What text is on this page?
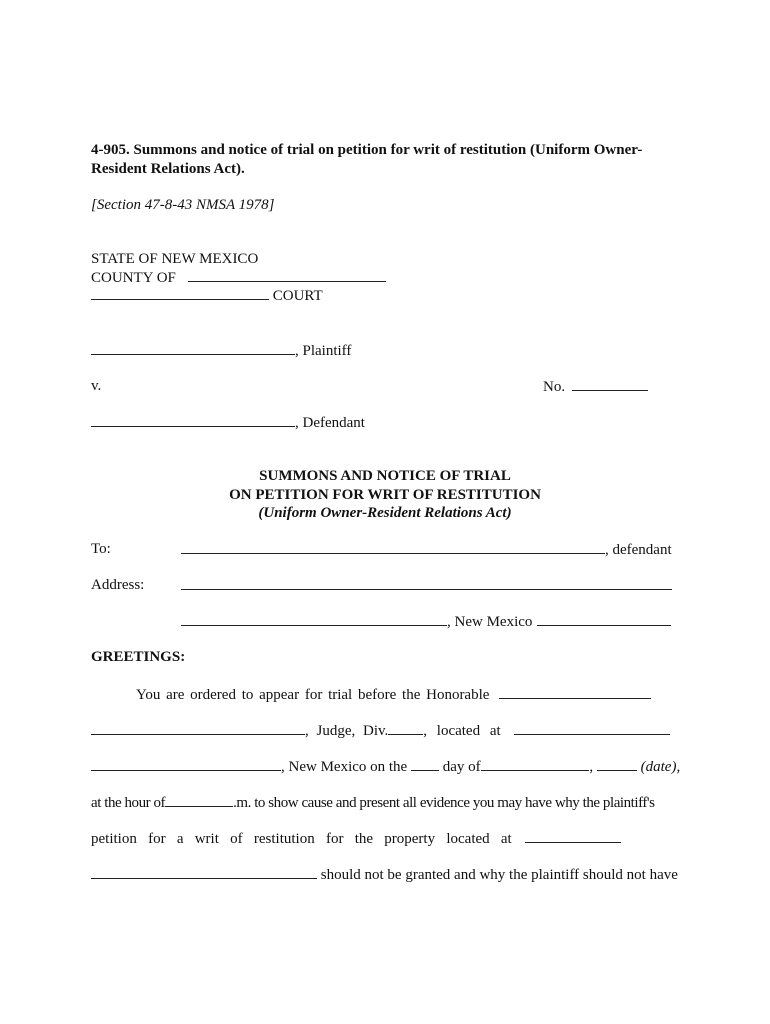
4-905. Summons and notice of trial on petition for writ of restitution (Uniform Owner-
Resident Relations Act).
[Section 47-8-43 NMSA 1978]
STATE OF NEW MEXICO
COUNTY OF
COURT
, Plaintiff
v.	No.
, Defendant
SUMMONS AND NOTICE OF TRIAL
ON PETITION FOR WRIT OF RESTITUTION
(Uniform Owner-Resident Relations Act)
To:	, defendant
Address:
, New Mexico
GREETINGS:
You are ordered to appear for trial before the Honorable
, Judge, Div. , located at
, New Mexico on the day of	,	(date),
at the hour of	.m. to show cause and present all evidence you may have why the plaintiff's
petition   for   a   writ   of   restitution   for   the   property   located   at
should not be granted and why the plaintiff should not have
